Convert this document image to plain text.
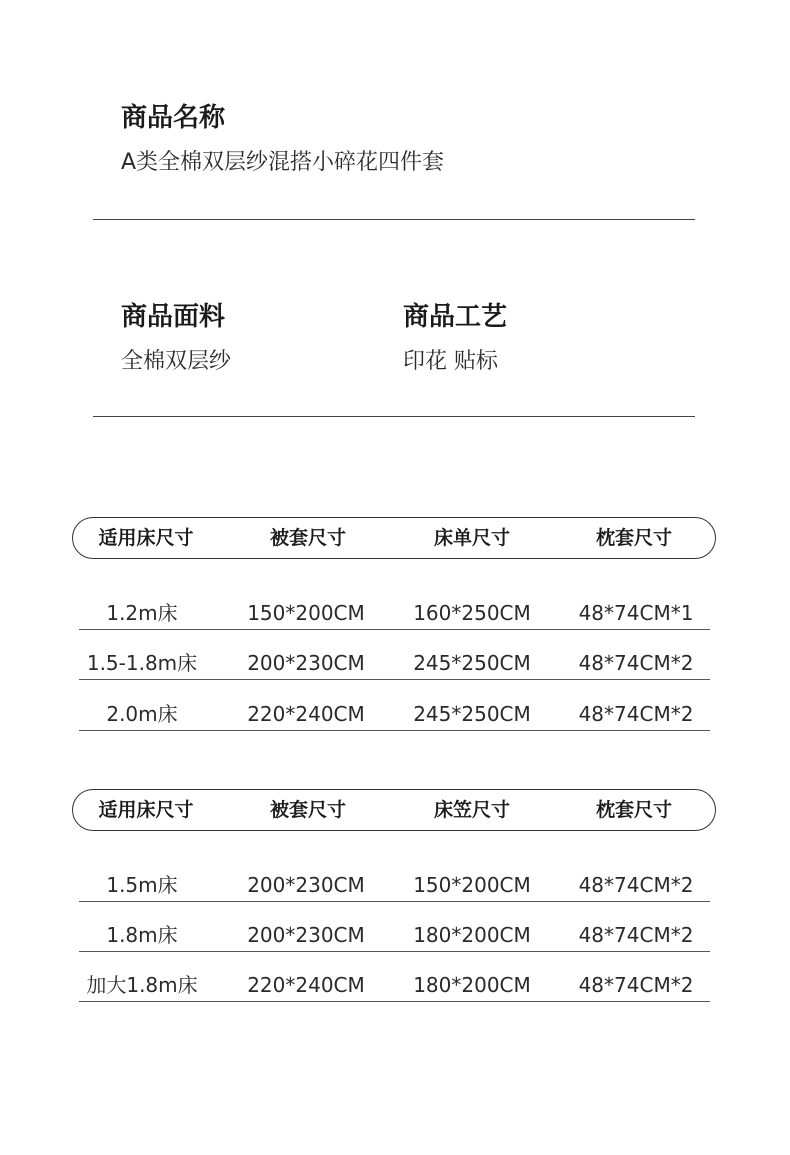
商品名称
A类全棉双层纱混搭小碎花四件套
商品面料
全棉双层纱
商品工艺
印花 贴标
适用床尺寸	被套尺寸	床单尺寸	枕套尺寸
1.2m床	150*200CM	160*250CM	48*74CM*1
1.5-1.8m床	200*230CM	245*250CM	48*74CM*2
2.0m床	220*240CM	245*250CM	48*74CM*2
适用床尺寸	被套尺寸	床笠尺寸	枕套尺寸
1.5m床	200*230CM	150*200CM	48*74CM*2
1.8m床	200*230CM	180*200CM	48*74CM*2
加大1.8m床	220*240CM	180*200CM	48*74CM*2
